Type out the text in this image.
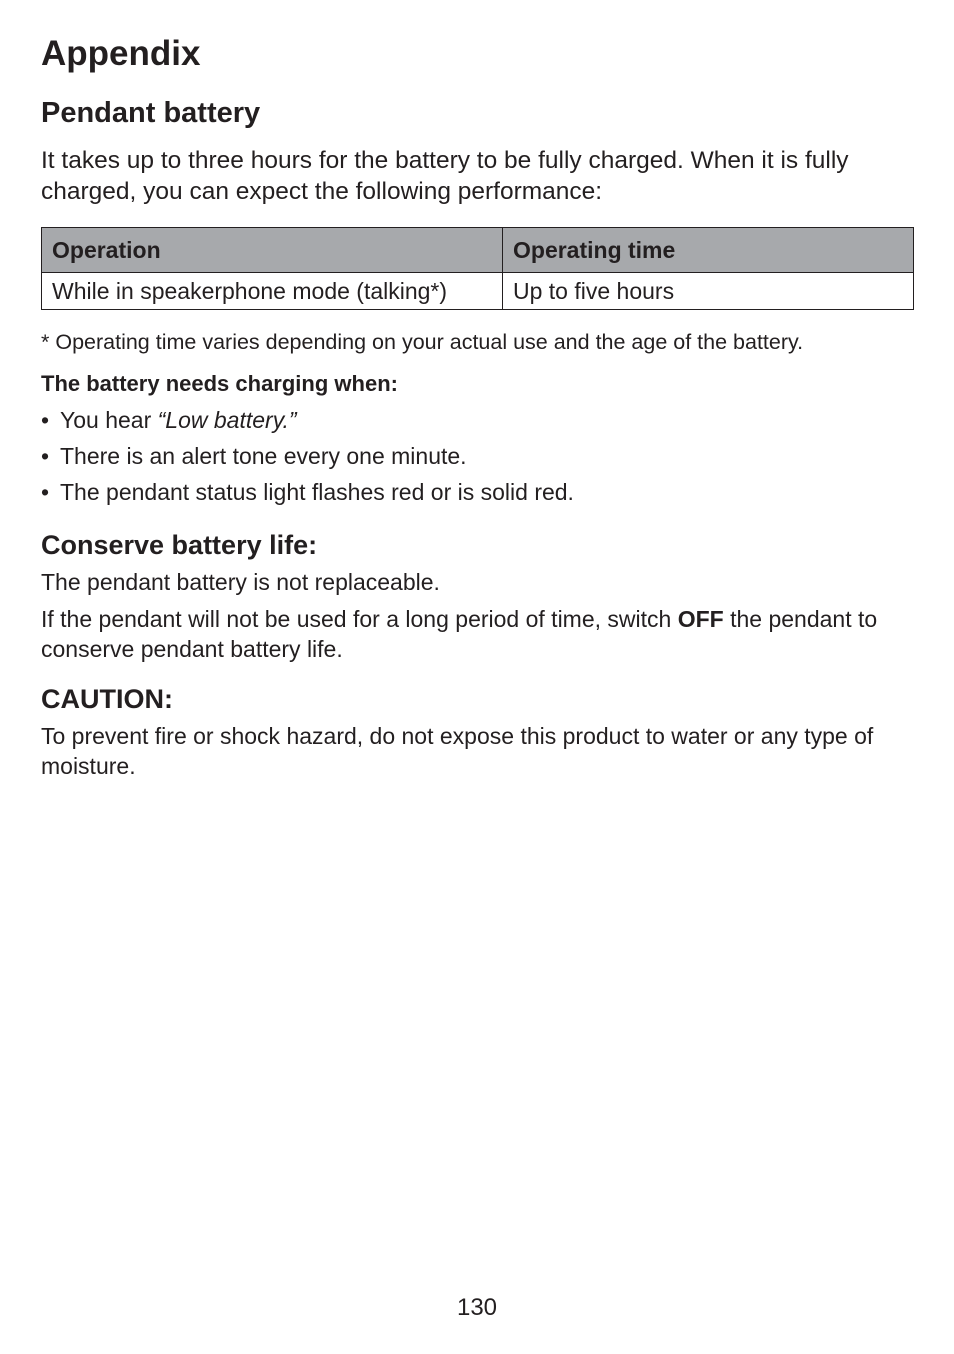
Appendix
Pendant battery

It takes up to three hours for the battery to be fully charged. When it is fully charged, you can expect the following performance:

Operation	Operating time
While in speakerphone mode (talking*)	Up to five hours

* Operating time varies depending on your actual use and the age of the battery.

The battery needs charging when:

• You hear “Low battery.”
• There is an alert tone every one minute.
• The pendant status light flashes red or is solid red.
Conserve battery life:

The pendant battery is not replaceable.

If the pendant will not be used for a long period of time, switch OFF the pendant to conserve pendant battery life.

CAUTION:

To prevent fire or shock hazard, do not expose this product to water or any type of moisture.

130
